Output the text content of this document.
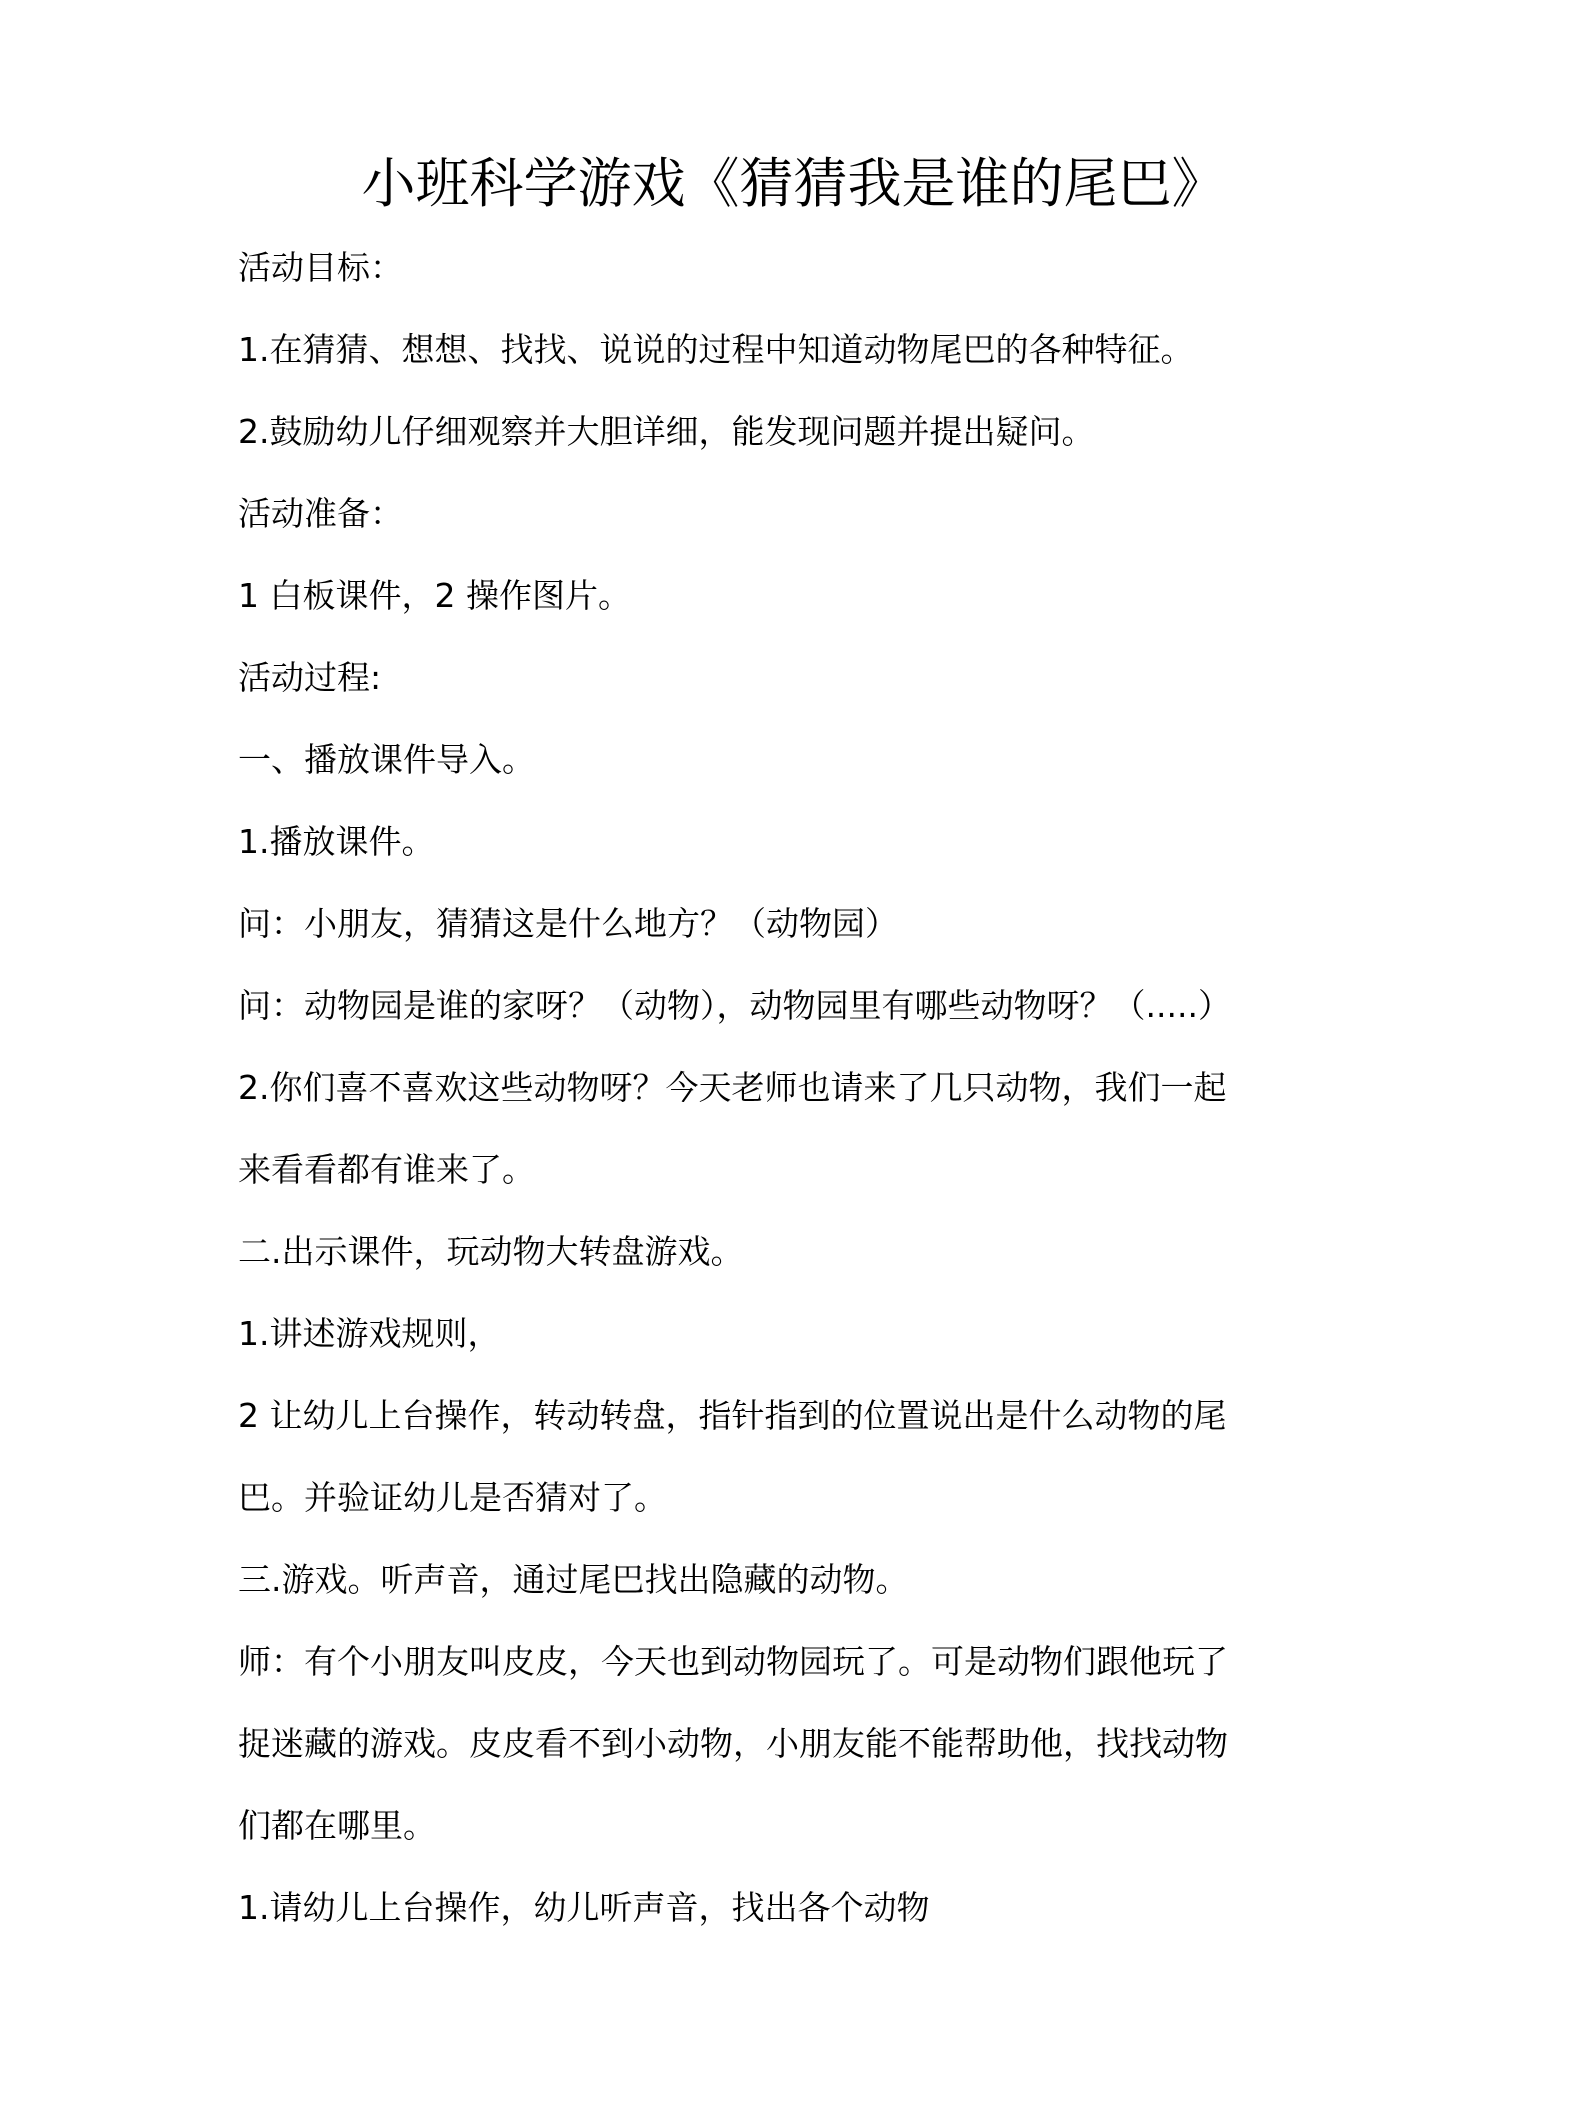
小班科学游戏《猜猜我是谁的尾巴》
活动目标：
1.在猜猜、想想、找找、说说的过程中知道动物尾巴的各种特征。
2.鼓励幼儿仔细观察并大胆详细，能发现问题并提出疑问。
活动准备：
1 白板课件，2 操作图片。
活动过程:
一、播放课件导入。
1.播放课件。
问：小朋友，猜猜这是什么地方？（动物园）
问：动物园是谁的家呀？（动物），动物园里有哪些动物呀？（.....）
2.你们喜不喜欢这些动物呀？今天老师也请来了几只动物，我们一起
来看看都有谁来了。
二.出示课件，玩动物大转盘游戏。
1.讲述游戏规则，
2 让幼儿上台操作，转动转盘，指针指到的位置说出是什么动物的尾
巴。并验证幼儿是否猜对了。
三.游戏。听声音，通过尾巴找出隐藏的动物。
师：有个小朋友叫皮皮，今天也到动物园玩了。可是动物们跟他玩了
捉迷藏的游戏。皮皮看不到小动物，小朋友能不能帮助他，找找动物
们都在哪里。
1.请幼儿上台操作，幼儿听声音，找出各个动物
